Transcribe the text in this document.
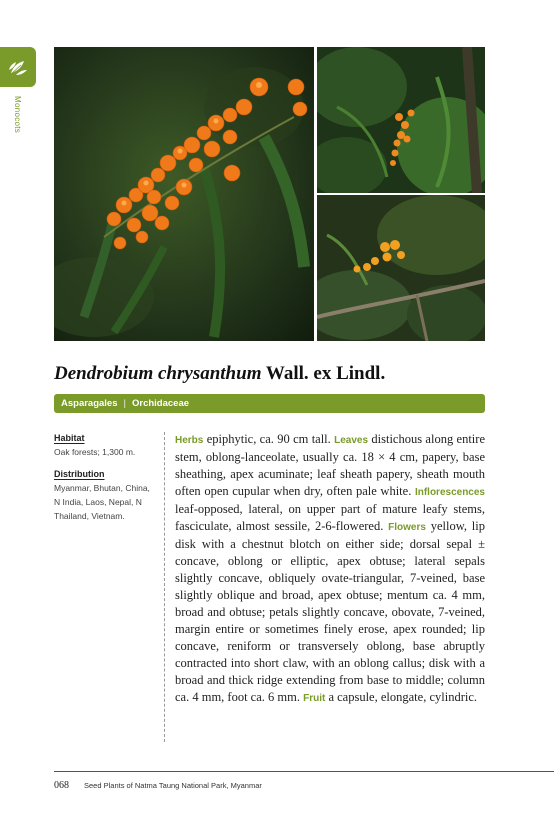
Monocots
Dendrobium chrysanthum Wall. ex Lindl.
Asparagales | Orchidaceae
Habitat
Oak forests; 1,300 m.
Distribution
Myanmar, Bhutan, China, N India, Laos, Nepal, N Thailand, Vietnam.
Herbs epiphytic, ca. 90 cm tall. Leaves distichous along entire stem, oblong-lanceolate, usually ca. 18 × 4 cm, papery, base sheathing, apex acuminate; leaf sheath papery, sheath mouth often open cupular when dry, often pale white. Inflorescences leaf-opposed, lateral, on upper part of mature leafy stems, fasciculate, almost sessile, 2-6-flowered. Flowers yellow, lip disk with a chestnut blotch on either side; dorsal sepal ± concave, oblong or elliptic, apex obtuse; lateral sepals slightly concave, obliquely ovate-triangular, 7-veined, base slightly oblique and broad, apex obtuse; mentum ca. 4 mm, broad and obtuse; petals slightly concave, obovate, 7-veined, margin entire or sometimes finely erose, apex rounded; lip concave, reniform or transversely oblong, base abruptly contracted into short claw, with an oblong callus; disk with a broad and thick ridge extending from base to middle; column ca. 4 mm, foot ca. 6 mm. Fruit a capsule, elongate, cylindric.
068 Seed Plants of Natma Taung National Park, Myanmar
